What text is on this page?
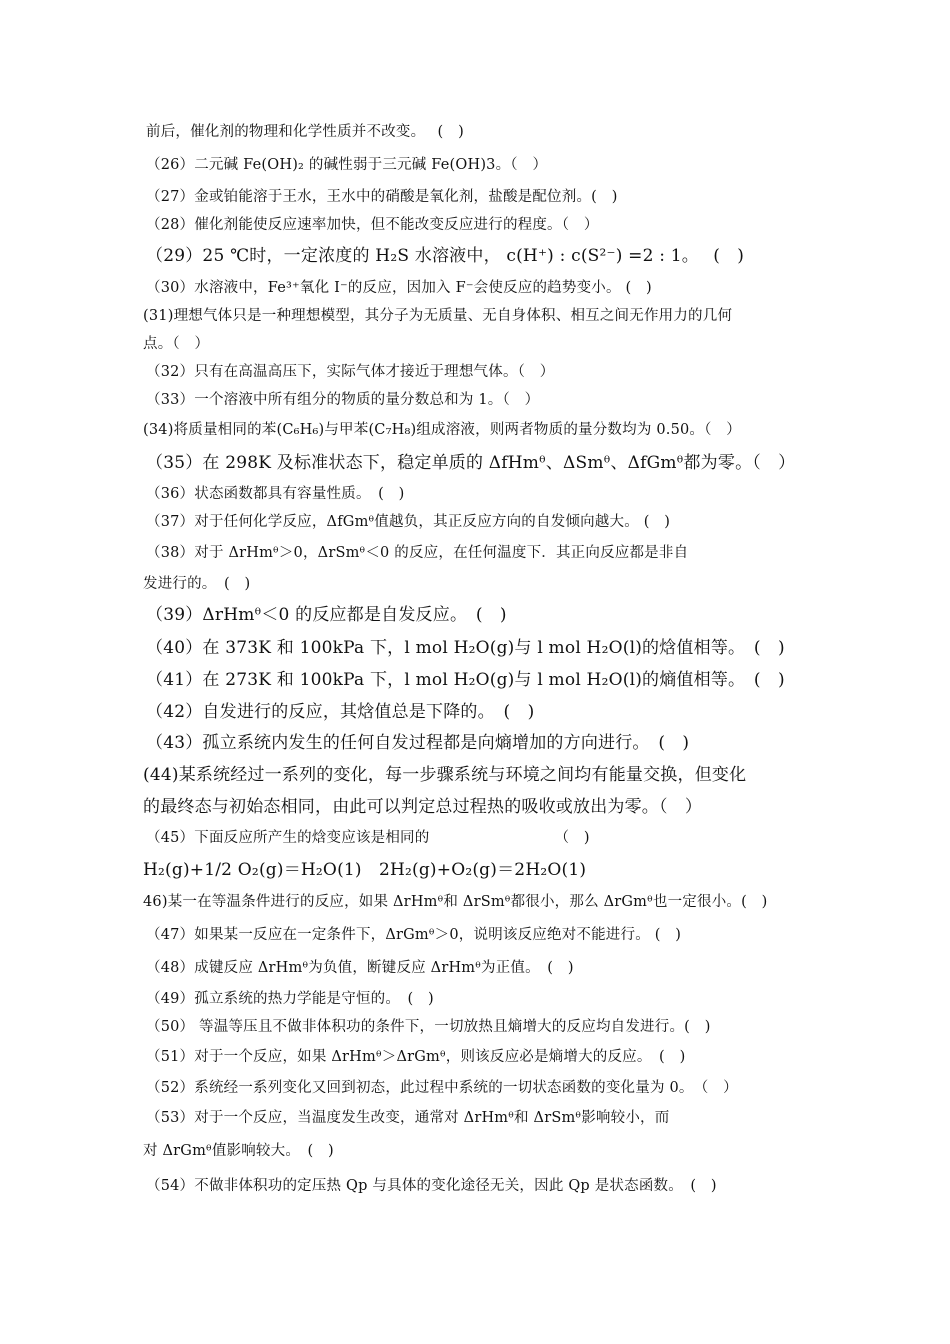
前后，催化剂的物理和化学性质并不改变。　 (　)
（26）二元碱 Fe(OH)₂ 的碱性弱于三元碱 Fe(OH)3。（　）
（27）金或铂能溶于王水，王水中的硝酸是氧化剂，盐酸是配位剂。(　)
（28）催化剂能使反应速率加快，但不能改变反应进行的程度。（　）
（29）25 ℃时，一定浓度的 H₂S 水溶液中， c(H⁺) : c(S²⁻) =2 : 1。　 (　)
（30）水溶液中，Fe³⁺氧化 I⁻的反应，因加入 F⁻会使反应的趋势变小。 (　)
(31)理想气体只是一种理想模型，其分子为无质量、无自身体积、相互之间无作用力的几何
点。（　）
（32）只有在高温高压下，实际气体才接近于理想气体。（　）
（33）一个溶液中所有组分的物质的量分数总和为 1。（　）
(34)将质量相同的苯(C₆H₆)与甲苯(C₇H₈)组成溶液，则两者物质的量分数均为 0.50。（　）
（35）在 298K 及标准状态下，稳定单质的 ΔfHmᶿ、ΔSmᶿ、ΔfGmᶿ都为零。（　）
（36）状态函数都具有容量性质。　(　)
（37）对于任何化学反应，ΔfGmᶿ值越负，其正反应方向的自发倾向越大。 (　)
（38）对于 ΔrHmᶿ＞0，ΔrSmᶿ＜0 的反应，在任何温度下．其正向反应都是非自
发进行的。　(　)
（39）ΔrHmᶿ＜0 的反应都是自发反应。　(　)
（40）在 373K 和 100kPa 下，l mol H₂O(g)与 l mol H₂O(l)的焓值相等。　(　)
（41）在 273K 和 100kPa 下，l mol H₂O(g)与 l mol H₂O(l)的熵值相等。　(　)
（42）自发进行的反应，其焓值总是下降的。　(　)
（43）孤立系统内发生的任何自发过程都是向熵增加的方向进行。　(　)
(44)某系统经过一系列的变化，每一步骤系统与环境之间均有能量交换，但变化
的最终态与初始态相同，由此可以判定总过程热的吸收或放出为零。（　）
（45）下面反应所产生的焓变应该是相同的　　　　　　　　　（　)
H₂(g)+1/2 O₂(g)＝H₂O(1)　2H₂(g)+O₂(g)＝2H₂O(1)
46)某一在等温条件进行的反应，如果 ΔrHmᶿ和 ΔrSmᶿ都很小，那么 ΔrGmᶿ也一定很小。(　)
（47）如果某一反应在一定条件下，ΔrGmᶿ＞0，说明该反应绝对不能进行。 (　)
（48）成键反应 ΔrHmᶿ为负值，断键反应 ΔrHmᶿ为正值。　(　)
（49）孤立系统的热力学能是守恒的。　(　)
（50） 等温等压且不做非体积功的条件下，一切放热且熵增大的反应均自发进行。(　)
（51）对于一个反应，如果 ΔrHmᶿ＞ΔrGmᶿ，则该反应必是熵增大的反应。　(　)
（52）系统经一系列变化又回到初态，此过程中系统的一切状态函数的变化量为 0。　（　）
（53）对于一个反应，当温度发生改变，通常对 ΔrHmᶿ和 ΔrSmᶿ影响较小，而
对 ΔrGmᶿ值影响较大。　(　)
（54）不做非体积功的定压热 Qp 与具体的变化途径无关，因此 Qp 是状态函数。　(　)
